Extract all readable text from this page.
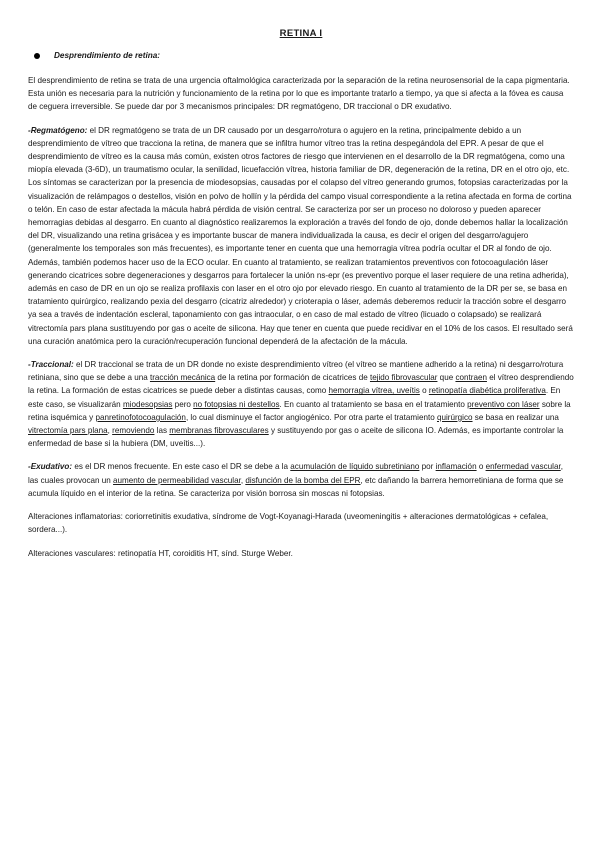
RETINA I
Desprendimiento de retina:

El desprendimiento de retina se trata de una urgencia oftalmológica caracterizada por la separación de la retina neurosensorial de la capa pigmentaria. Esta unión es necesaria para la nutrición y funcionamiento de la retina por lo que es importante tratarlo a tiempo, ya que si afecta a la fóvea es causa de ceguera irreversible. Se puede dar por 3 mecanismos principales: DR regmatógeno, DR traccional o DR exudativo.

-Regmatógeno: el DR regmatógeno se trata de un DR causado por un desgarro/rotura o agujero en la retina, principalmente debido a un desprendimiento de vítreo que tracciona la retina, de manera que se infiltra humor vítreo tras la retina despegándola del EPR. A pesar de que el desprendimiento de vítreo es la causa más común, existen otros factores de riesgo que intervienen en el desarrollo de la DR regmatógena, como una miopía elevada (3-6D), un traumatismo ocular, la senilidad, licuefacción vítrea, historia familiar de DR, degeneración de la retina, DR en el otro ojo, etc. Los síntomas se caracterizan por la presencia de miodesopsias, causadas por el colapso del vítreo generando grumos, fotopsias caracterizadas por la visualización de relámpagos o destellos, visión en polvo de hollín y la pérdida del campo visual correspondiente a la retina afectada en forma de cortina o telón. En caso de estar afectada la mácula habrá pérdida de visión central. Se caracteriza por ser un proceso no doloroso y pueden aparecer hemorragias debidas al desgarro. En cuanto al diagnóstico realizaremos la exploración a través del fondo de ojo, donde debemos hallar la localización del DR, visualizando una retina grisácea y es importante buscar de manera individualizada la causa, es decir el origen del desgarro/agujero (generalmente los temporales son más frecuentes), es importante tener en cuenta que una hemorragia vítrea podría ocultar el DR al fondo de ojo. Además, también podemos hacer uso de la ECO ocular. En cuanto al tratamiento, se realizan tratamientos preventivos con fotocoagulación láser generando cicatrices sobre degeneraciones y desgarros para fortalecer la unión ns-epr (es preventivo porque el laser requiere de una retina adherida), además en caso de DR en un ojo se realiza profilaxis con laser en el otro ojo por elevado riesgo. En cuanto al tratamiento de la DR per se, se basa en tratamiento quirúrgico, realizando pexia del desgarro (cicatriz alrededor) y crioterapia o láser, además deberemos reducir la tracción sobre el desgarro ya sea a través de indentación escleral, taponamiento con gas intraocular, o en caso de mal estado de vítreo (licuado o colapsado) se realizará vitrectomía pars plana sustituyendo por gas o aceite de silicona. Hay que tener en cuenta que puede recidivar en el 10% de los casos. El resultado será una curación anatómica pero la curación/recuperación funcional dependerá de la afectación de la mácula.

-Traccional: el DR traccional se trata de un DR donde no existe desprendimiento vítreo (el vítreo se mantiene adherido a la retina) ni desgarro/rotura retiniana, sino que se debe a una tracción mecánica de la retina por formación de cicatrices de tejido fibrovascular que contraen el vítreo desprendiendo la retina. La formación de estas cicatrices se puede deber a distintas causas, como hemorragia vítrea, uveítis o retinopatía diabética proliferativa. En este caso, se visualizarán miodesopsias pero no fotopsias ni destellos. En cuanto al tratamiento se basa en el tratamiento preventivo con láser sobre la retina isquémica y panretinofotocoagulación, lo cual disminuye el factor angiogénico. Por otra parte el tratamiento quirúrgico se basa en realizar una vitrectomía pars plana, removiendo las membranas fibrovasculares y sustituyendo por gas o aceite de silicona IO. Además, es importante controlar la enfermedad de base si la hubiera (DM, uveítis...).

-Exudativo: es el DR menos frecuente. En este caso el DR se debe a la acumulación de líquido subretiniano por inflamación o enfermedad vascular, las cuales provocan un aumento de permeabilidad vascular, disfunción de la bomba del EPR, etc dañando la barrera hemorretiniana de forma que se acumula líquido en el interior de la retina. Se caracteriza por visión borrosa sin moscas ni fotopsias.

Alteraciones inflamatorias: coriorretinitis exudativa, síndrome de Vogt-Koyanagi-Harada (uveomeningitis + alteraciones dermatológicas + cefalea, sordera...).

Alteraciones vasculares: retinopatía HT, coroiditis HT, sínd. Sturge Weber.
